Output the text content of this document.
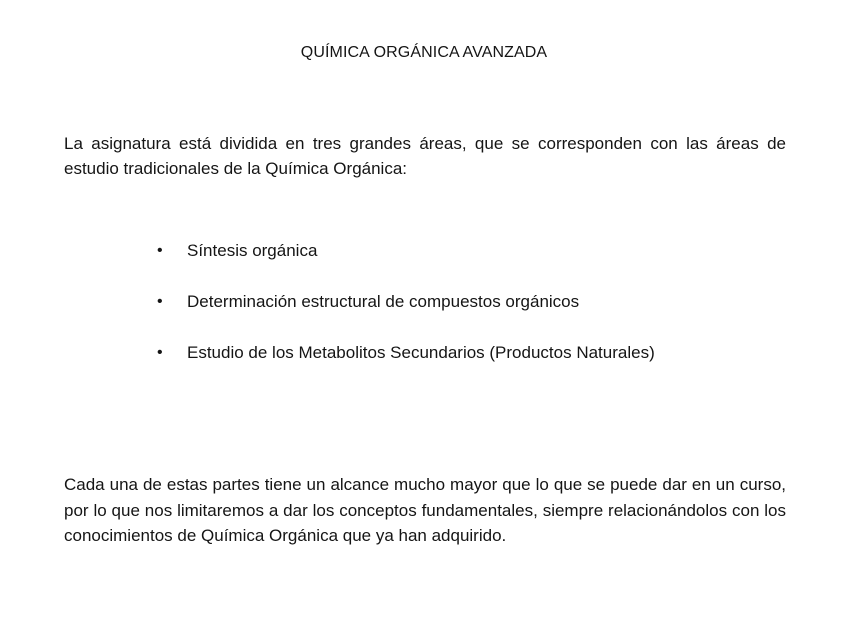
QUÍMICA ORGÁNICA AVANZADA

La asignatura está dividida en tres grandes áreas, que se corresponden con las áreas de estudio tradicionales de la Química Orgánica:

• Síntesis orgánica
• Determinación estructural de compuestos orgánicos
• Estudio de los Metabolitos Secundarios (Productos Naturales)

Cada una de estas partes tiene un alcance mucho mayor que lo que se puede dar en un curso, por lo que nos limitaremos a dar los conceptos fundamentales, siempre relacionándolos con los conocimientos de Química Orgánica que ya han adquirido.
